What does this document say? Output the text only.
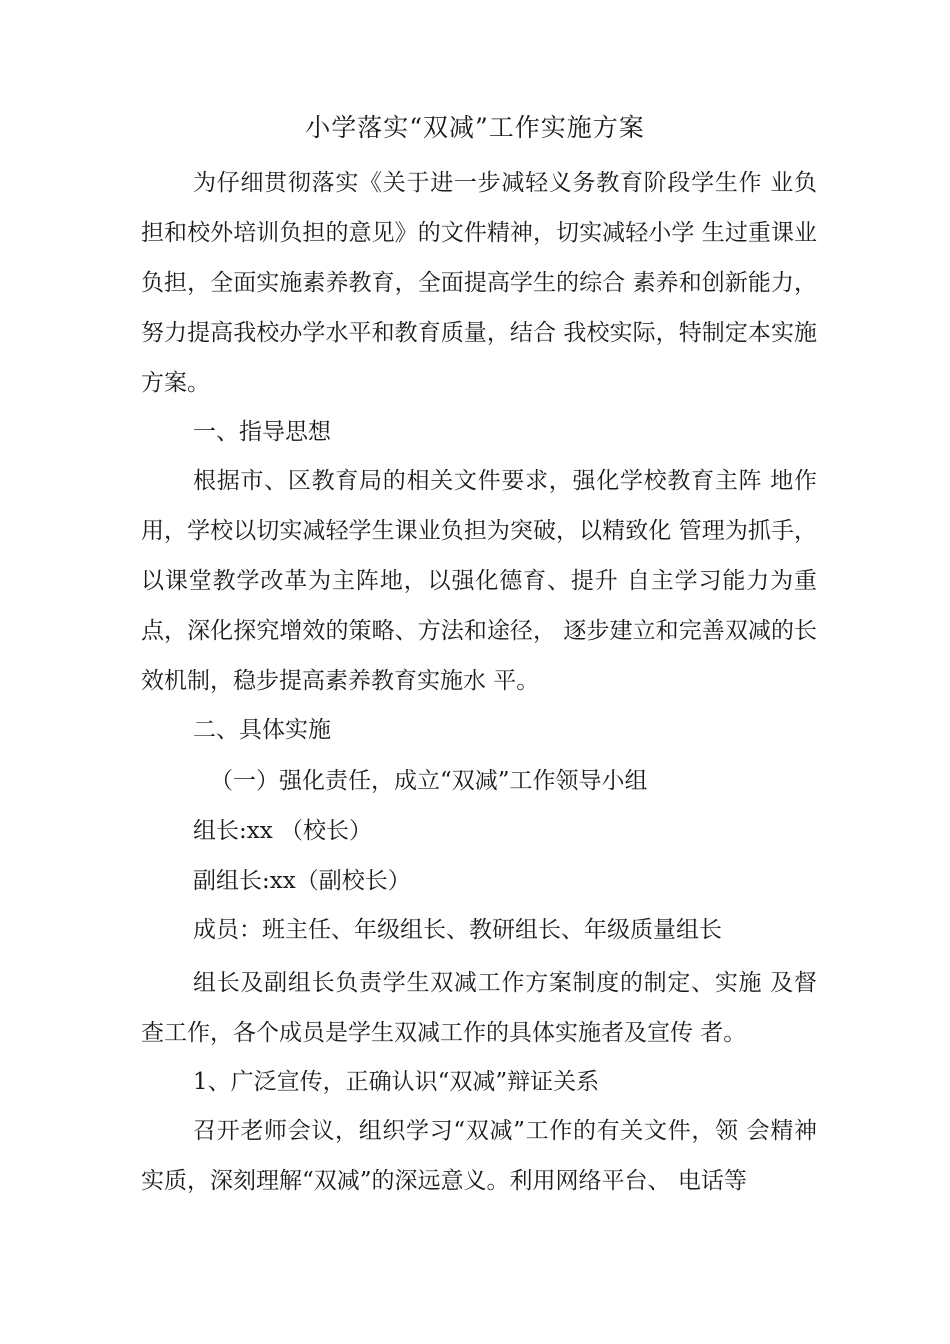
小学落实“双减”工作实施方案

为仔细贯彻落实《关于进一步减轻义务教育阶段学生作 业负担和校外培训负担的意见》的文件精神，切实减轻小学 生过重课业负担，全面实施素养教育，全面提高学生的综合 素养和创新能力，努力提高我校办学水平和教育质量，结合 我校实际，特制定本实施方案。

一、指导思想

根据市、区教育局的相关文件要求，强化学校教育主阵 地作用，学校以切实减轻学生课业负担为突破，以精致化 管理为抓手，以课堂教学改革为主阵地，以强化德育、提升 自主学习能力为重点，深化探究增效的策略、方法和途径， 逐步建立和完善双减的长效机制，稳步提高素养教育实施水 平。

二、具体实施

（一）强化责任，成立“双减”工作领导小组

组长:xx （校长）

副组长:xx（副校长）

成员：班主任、年级组长、教研组长、年级质量组长

组长及副组长负责学生双减工作方案制度的制定、实施 及督查工作，各个成员是学生双减工作的具体实施者及宣传 者。

1、广泛宣传，正确认识“双减”辩证关系

召开老师会议，组织学习“双减”工作的有关文件，领 会精神实质，深刻理解“双减”的深远意义。利用网络平台、 电话等
